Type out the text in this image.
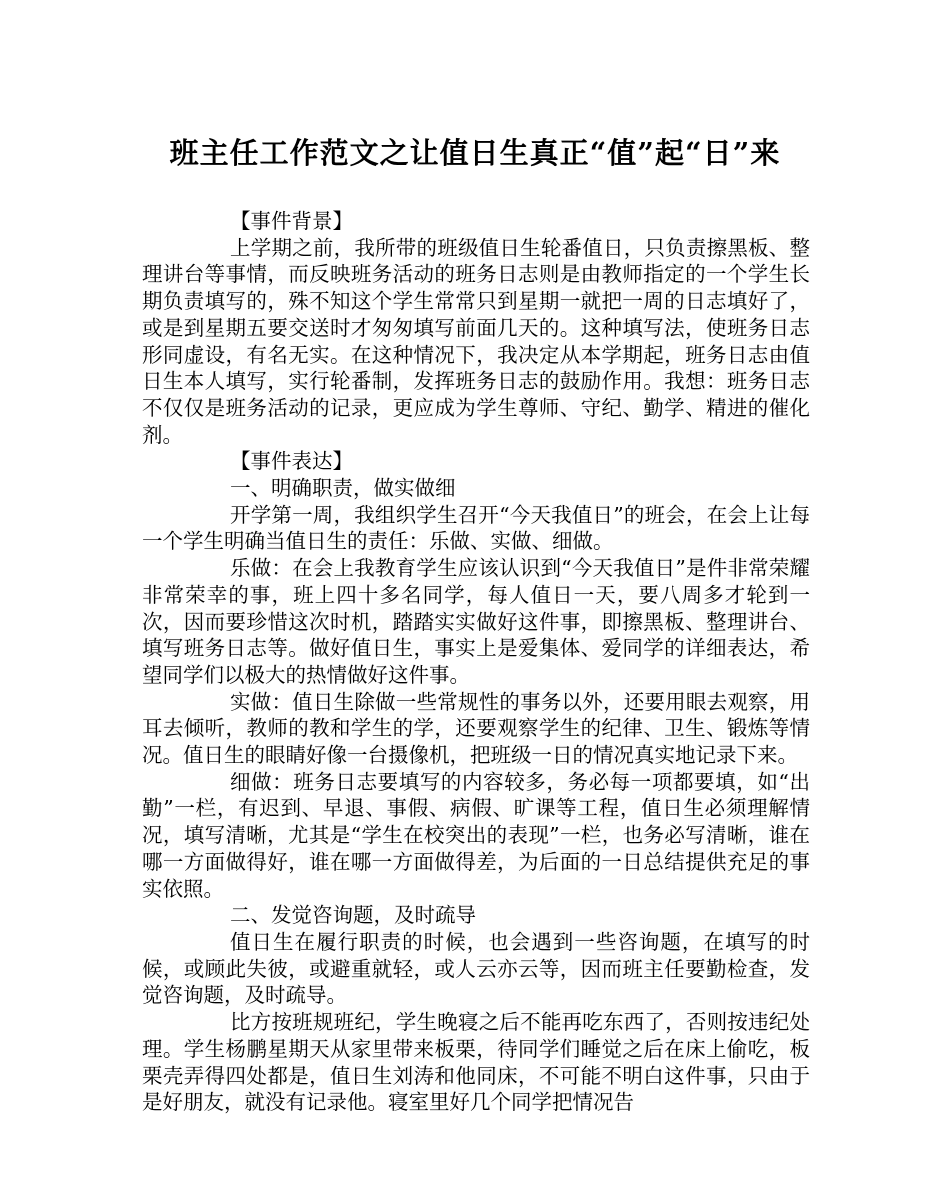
班主任工作范文之让值日生真正“值”起“日”来

【事件背景】

上学期之前，我所带的班级值日生轮番值日，只负责擦黑板、整理讲台等事情，而反映班务活动的班务日志则是由教师指定的一个学生长期负责填写的，殊不知这个学生常常只到星期一就把一周的日志填好了，或是到星期五要交送时才匆匆填写前面几天的。这种填写法，使班务日志形同虚设，有名无实。在这种情况下，我决定从本学期起，班务日志由值日生本人填写，实行轮番制，发挥班务日志的鼓励作用。我想：班务日志不仅仅是班务活动的记录，更应成为学生尊师、守纪、勤学、精进的催化剂。

【事件表达】

一、明确职责，做实做细

开学第一周，我组织学生召开“今天我值日”的班会，在会上让每一个学生明确当值日生的责任：乐做、实做、细做。

乐做：在会上我教育学生应该认识到“今天我值日”是件非常荣耀非常荣幸的事，班上四十多名同学，每人值日一天，要八周多才轮到一次，因而要珍惜这次时机，踏踏实实做好这件事，即擦黑板、整理讲台、填写班务日志等。做好值日生，事实上是爱集体、爱同学的详细表达，希望同学们以极大的热情做好这件事。

实做：值日生除做一些常规性的事务以外，还要用眼去观察，用耳去倾听，教师的教和学生的学，还要观察学生的纪律、卫生、锻炼等情况。值日生的眼睛好像一台摄像机，把班级一日的情况真实地记录下来。

细做：班务日志要填写的内容较多，务必每一项都要填，如“出勤”一栏，有迟到、早退、事假、病假、旷课等工程，值日生必须理解情况，填写清晰，尤其是“学生在校突出的表现”一栏，也务必写清晰，谁在哪一方面做得好，谁在哪一方面做得差，为后面的一日总结提供充足的事实依照。

二、发觉咨询题，及时疏导

值日生在履行职责的时候，也会遇到一些咨询题，在填写的时候，或顾此失彼，或避重就轻，或人云亦云等，因而班主任要勤检查，发觉咨询题，及时疏导。

比方按班规班纪，学生晚寝之后不能再吃东西了，否则按违纪处理。学生杨鹏星期天从家里带来板栗，待同学们睡觉之后在床上偷吃，板栗壳弄得四处都是，值日生刘涛和他同床，不可能不明白这件事，只由于是好朋友，就没有记录他。寝室里好几个同学把情况告
